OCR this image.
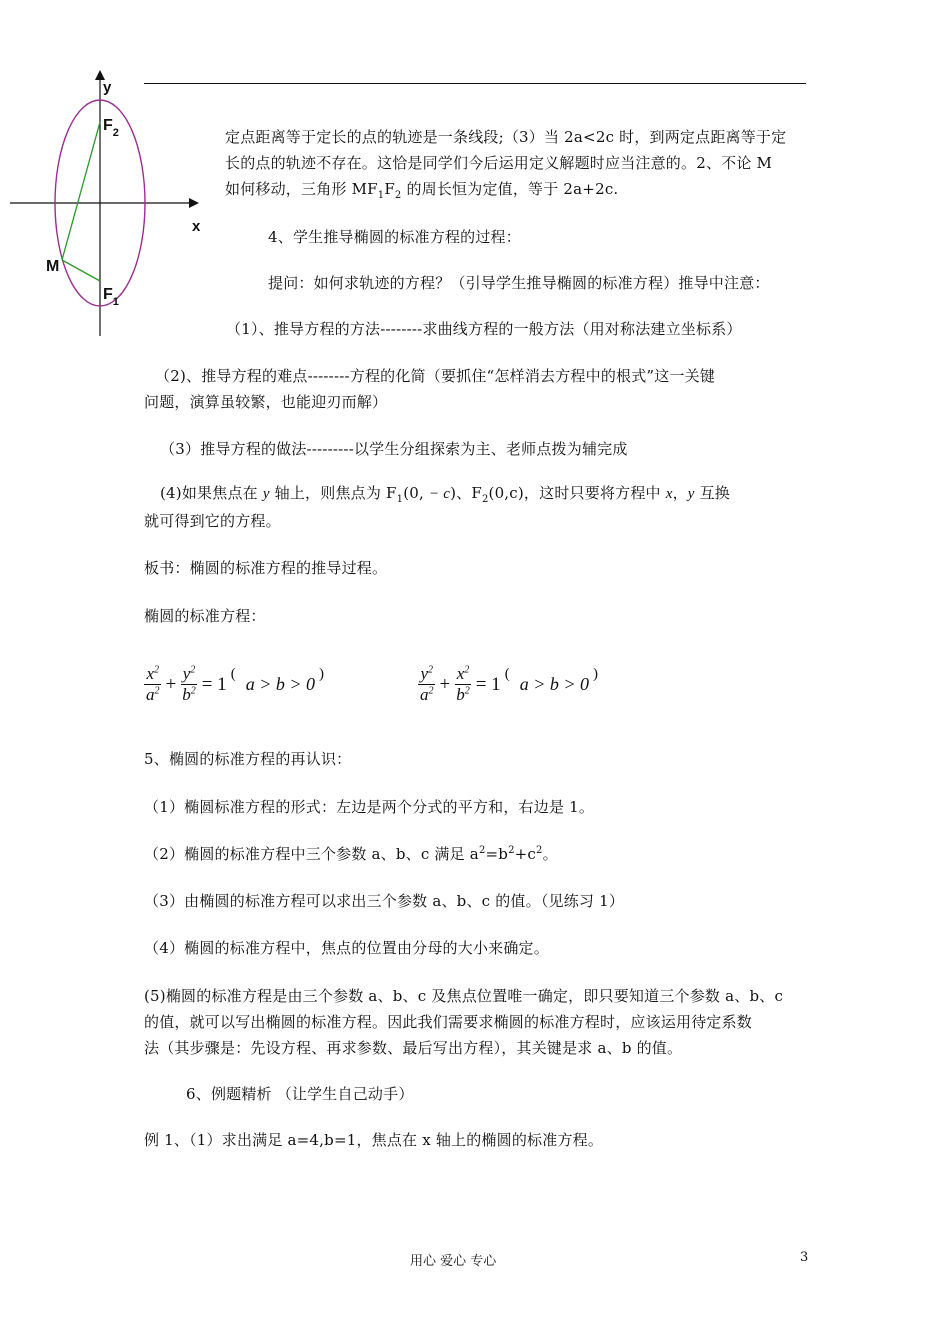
y
x
$F_2$
$F_1$
M
定点距离等于定长的点的轨迹是一条线段;（3）当 2a<2c 时，到两定点距离等于定
长的点的轨迹不存在。这恰是同学们今后运用定义解题时应当注意的。2、不论 M
如何移动，三角形 $MF_1F_2$ 的周长恒为定值，等于 2a+2c.
4、学生推导椭圆的标准方程的过程：
提问：如何求轨迹的方程？（引导学生推导椭圆的标准方程）推导中注意：
（1）、推导方程的方法--------求曲线方程的一般方法（用对称法建立坐标系）
（2)、推导方程的难点--------方程的化简（要抓住“怎样消去方程中的根式”这一关键
问题，演算虽较繁，也能迎刃而解）
（3）推导方程的做法---------以学生分组探索为主、老师点拨为辅完成
(4)如果焦点在 y 轴上，则焦点为 $F_1(0$, − c)、$F_2(0,c)$，这时只要将方程中 x，y 互换
就可得到它的方程。
板书：椭圆的标准方程的推导过程。
椭圆的标准方程：
$\frac{x^2}{a^2} + \frac{y^2}{b^2} = 1$ ( a > b > 0 )	$\frac{y^2}{a^2} + \frac{x^2}{b^2} = 1$ ( a > b > 0 )
5、椭圆的标准方程的再认识：
（1）椭圆标准方程的形式：左边是两个分式的平方和，右边是 1。
（2）椭圆的标准方程中三个参数 a、b、c 满足 $a^2=b^2+c^2$。
（3）由椭圆的标准方程可以求出三个参数 a、b、c 的值。（见练习 1）
（4）椭圆的标准方程中，焦点的位置由分母的大小来确定。
(5)椭圆的标准方程是由三个参数 a、b、c 及焦点位置唯一确定，即只要知道三个参数 a、b、c
的值，就可以写出椭圆的标准方程。因此我们需要求椭圆的标准方程时，应该运用待定系数
法（其步骤是：先设方程、再求参数、最后写出方程），其关键是求 a、b 的值。
6、例题精析 （让学生自己动手）
例 1、（1）求出满足 a=4,b=1，焦点在 x 轴上的椭圆的标准方程。
用心 爱心 专心	3
